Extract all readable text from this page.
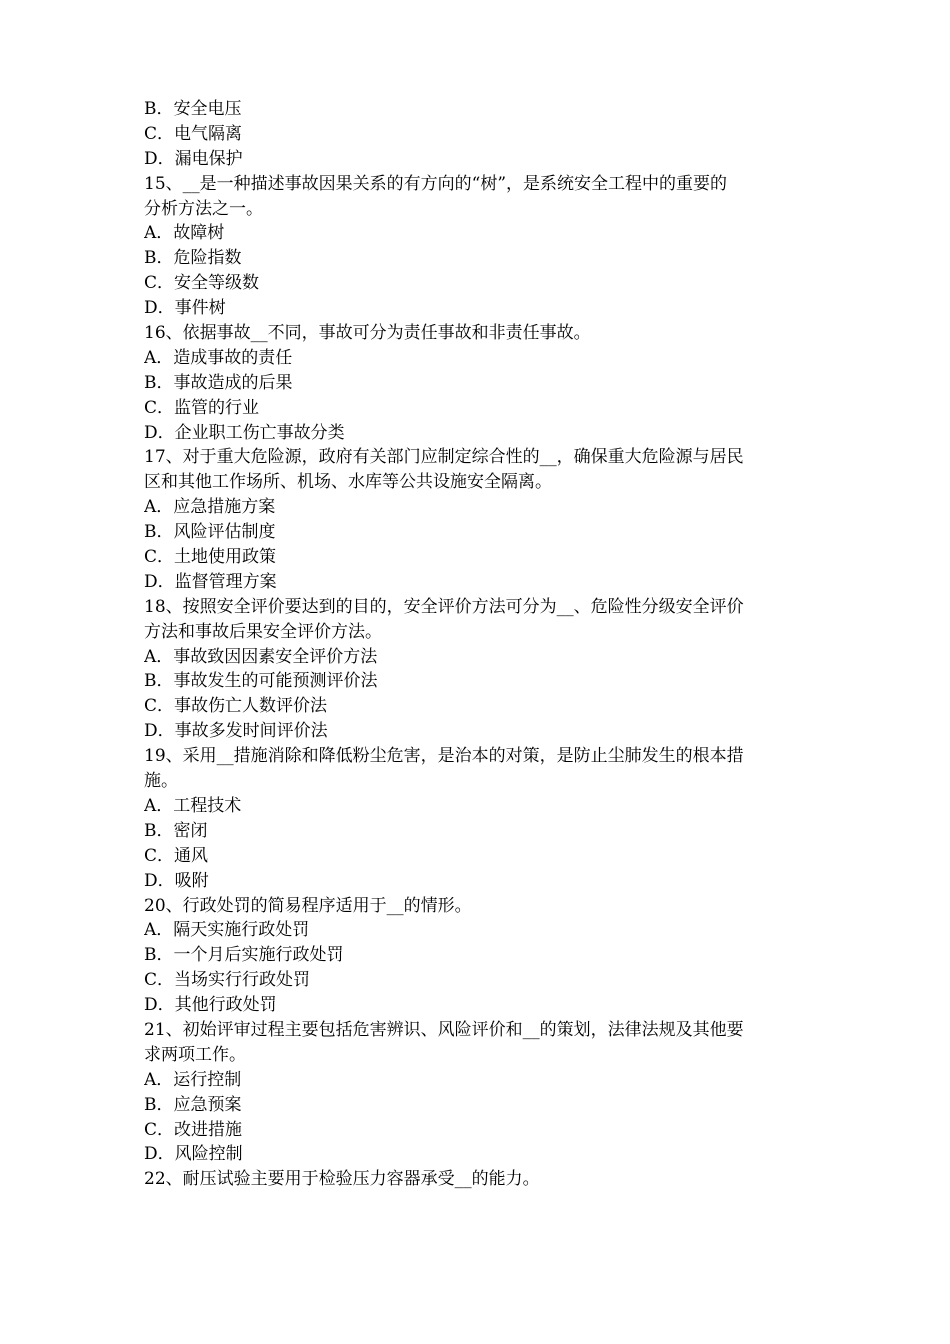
B．安全电压
C．电气隔离
D．漏电保护
15、__是一种描述事故因果关系的有方向的“树”，是系统安全工程中的重要的
分析方法之一。
A．故障树
B．危险指数
C．安全等级数
D．事件树
16、依据事故__不同，事故可分为责任事故和非责任事故。
A．造成事故的责任
B．事故造成的后果
C．监管的行业
D．企业职工伤亡事故分类
17、对于重大危险源，政府有关部门应制定综合性的__，确保重大危险源与居民
区和其他工作场所、机场、水库等公共设施安全隔离。
A．应急措施方案
B．风险评估制度
C．土地使用政策
D．监督管理方案
18、按照安全评价要达到的目的，安全评价方法可分为__、危险性分级安全评价
方法和事故后果安全评价方法。
A．事故致因因素安全评价方法
B．事故发生的可能预测评价法
C．事故伤亡人数评价法
D．事故多发时间评价法
19、采用__措施消除和降低粉尘危害，是治本的对策，是防止尘肺发生的根本措
施。
A．工程技术
B．密闭
C．通风
D．吸附
20、行政处罚的简易程序适用于__的情形。
A．隔天实施行政处罚
B．一个月后实施行政处罚
C．当场实行行政处罚
D．其他行政处罚
21、初始评审过程主要包括危害辨识、风险评价和__的策划，法律法规及其他要
求两项工作。
A．运行控制
B．应急预案
C．改进措施
D．风险控制
22、耐压试验主要用于检验压力容器承受__的能力。
